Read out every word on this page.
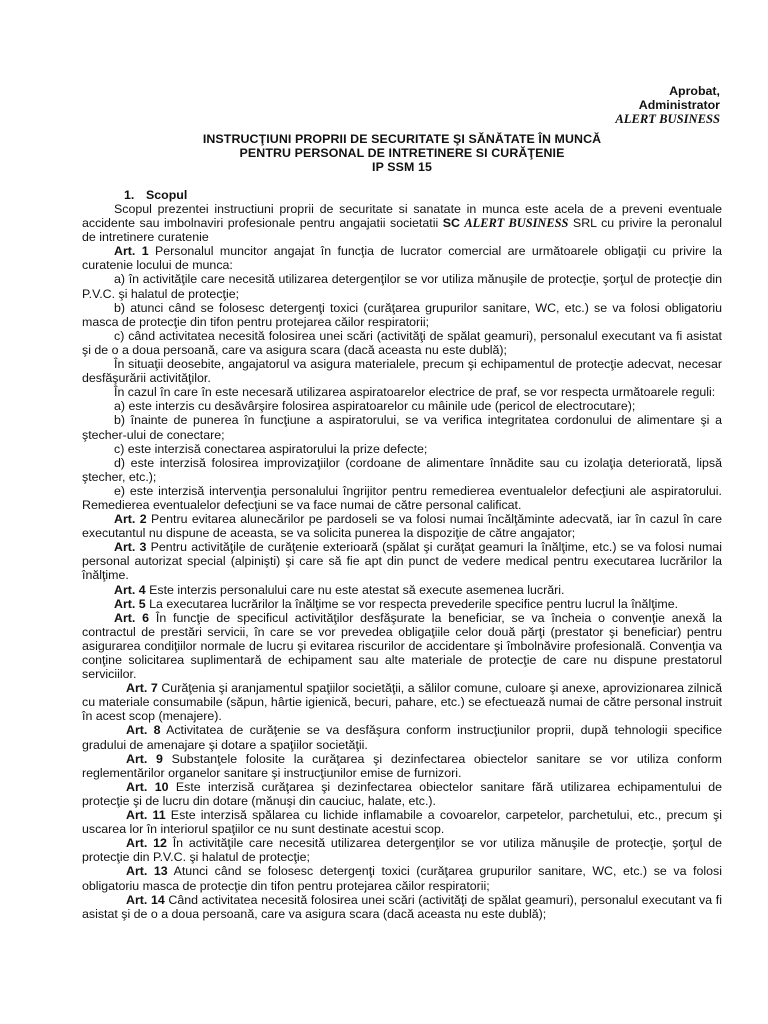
Aprobat,
Administrator
ALERT BUSINESS
INSTRUCŢIUNI PROPRII DE SECURITATE ŞI SĂNĂTATE ÎN MUNCĂ
PENTRU PERSONAL DE INTRETINERE SI CURĂŢENIE
IP SSM 15
1. Scopul

Scopul prezentei instructiuni proprii de securitate si sanatate in munca este acela de a preveni eventuale accidente sau imbolnaviri profesionale pentru angajatii societatii SC ALERT BUSINESS SRL cu privire la peronalul de intretinere curatenie

Art. 1 Personalul muncitor angajat în funcţia de lucrator comercial are următoarele obligaţii cu privire la curatenie locului de munca:

a) în activităţile care necesită utilizarea detergenţilor se vor utiliza mănuşile de protecţie, şorţul de protecţie din P.V.C. şi halatul de protecţie;

b) atunci când se folosesc detergenţi toxici (curăţarea grupurilor sanitare, WC, etc.) se va folosi obligatoriu masca de protecţie din tifon pentru protejarea căilor respiratorii;

c) când activitatea necesită folosirea unei scări (activităţi de spălat geamuri), personalul executant va fi asistat şi de o a doua persoană, care va asigura scara (dacă aceasta nu este dublă);

În situaţii deosebite, angajatorul va asigura materialele, precum şi echipamentul de protecţie adecvat, necesar desfăşurării activităţilor.

În cazul în care în este necesară utilizarea aspiratoarelor electrice de praf, se vor respecta următoarele reguli:

a) este interzis cu desăvârşire folosirea aspiratoarelor cu mâinile ude (pericol de electrocutare);

b) înainte de punerea în funcţiune a aspiratorului, se va verifica integritatea cordonului de alimentare şi a ştecher-ului de conectare;

c) este interzisă conectarea aspiratorului la prize defecte;

d) este interzisă folosirea improvizaţiilor (cordoane de alimentare înnădite sau cu izolaţia deteriorată, lipsă ştecher, etc.);

e) este interzisă intervenţia personalului îngrijitor pentru remedierea eventualelor defecţiuni ale aspiratorului. Remedierea eventualelor defecţiuni se va face numai de către personal calificat.

Art. 2 Pentru evitarea alunecărilor pe pardoseli se va folosi numai încălţăminte adecvată, iar în cazul în care executantul nu dispune de aceasta, se va solicita punerea la dispoziţie de către angajator;

Art. 3 Pentru activităţile de curăţenie exterioară (spălat şi curăţat geamuri la înălţime, etc.) se va folosi numai personal autorizat special (alpinişti) şi care să fie apt din punct de vedere medical pentru executarea lucrărilor la înălţime.

Art. 4 Este interzis personalului care nu este atestat să execute asemenea lucrări.

Art. 5 La executarea lucrărilor la înălţime se vor respecta prevederile specifice pentru lucrul la înălţime.

Art. 6 În funcţie de specificul activităţilor desfăşurate la beneficiar, se va încheia o convenţie anexă la contractul de prestări servicii, în care se vor prevedea obligaţiile celor două părţi (prestator şi beneficiar) pentru asigurarea condiţiilor normale de lucru şi evitarea riscurilor de accidentare şi îmbolnăvire profesională. Convenţia va conţine solicitarea suplimentară de echipament sau alte materiale de protecţie de care nu dispune prestatorul serviciilor.

Art. 7 Curăţenia şi aranjamentul spaţiilor societăţii, a sălilor comune, culoare şi anexe, aprovizionarea zilnică cu materiale consumabile (săpun, hârtie igienică, becuri, pahare, etc.) se efectuează numai de către personal instruit în acest scop (menajere).

Art. 8 Activitatea de curăţenie se va desfăşura conform instrucţiunilor proprii, după tehnologii specifice gradului de amenajare şi dotare a spaţiilor societăţii.

Art. 9 Substanţele folosite la curăţarea şi dezinfectarea obiectelor sanitare se vor utiliza conform reglementărilor organelor sanitare şi instrucţiunilor emise de furnizori.

Art. 10 Este interzisă curăţarea şi dezinfectarea obiectelor sanitare fără utilizarea echipamentului de protecţie şi de lucru din dotare (mănuşi din cauciuc, halate, etc.).

Art. 11 Este interzisă spălarea cu lichide inflamabile a covoarelor, carpetelor, parchetului, etc., precum şi uscarea lor în interiorul spaţiilor ce nu sunt destinate acestui scop.

Art. 12 În activităţile care necesită utilizarea detergenţilor se vor utiliza mănuşile de protecţie, şorţul de protecţie din P.V.C. şi halatul de protecţie;

Art. 13 Atunci când se folosesc detergenţi toxici (curăţarea grupurilor sanitare, WC, etc.) se va folosi obligatoriu masca de protecţie din tifon pentru protejarea căilor respiratorii;

Art. 14 Când activitatea necesită folosirea unei scări (activităţi de spălat geamuri), personalul executant va fi asistat şi de o a doua persoană, care va asigura scara (dacă aceasta nu este dublă);
